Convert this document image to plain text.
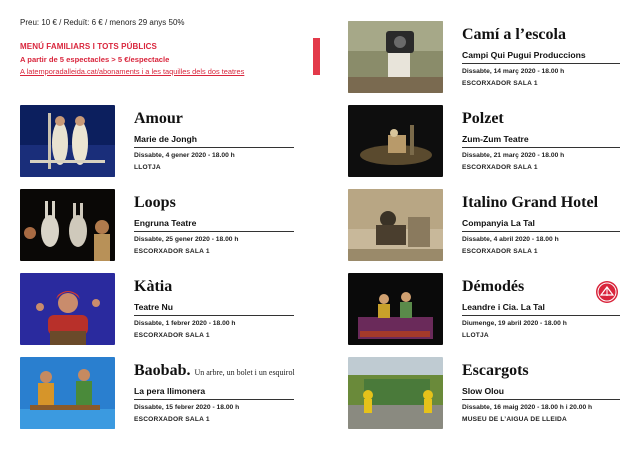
Preu: 10 € / Reduït: 6 € / menors 29 anys 50%
MENÚ FAMILIARS I TOTS PÚBLICS
A partir de 5 espectacles > 5 €/espectacle
A latemporadalleida.cat/abonaments i a les taquilles dels dos teatres
Amour
Marie de Jongh
Dissabte, 4 gener 2020 - 18.00 h
LLOTJA
Loops
Engruna Teatre
Dissabte, 25 gener 2020 - 18.00 h
ESCORXADOR SALA 1
Kàtia
Teatre Nu
Dissabte, 1 febrer 2020 - 18.00 h
ESCORXADOR SALA 1
Baobab. Un arbre, un bolet i un esquirol
La pera llimonera
Dissabte, 15 febrer 2020 - 18.00 h
ESCORXADOR SALA 1
Camí a l’escola
Campi Qui Pugui Produccions
Dissabte, 14 març 2020 - 18.00 h
ESCORXADOR SALA 1
Polzet
Zum-Zum Teatre
Dissabte, 21 març 2020 - 18.00 h
ESCORXADOR SALA 1
Italino Grand Hotel
Companyia La Tal
Dissabte, 4 abril 2020 - 18.00 h
ESCORXADOR SALA 1
Démodés
Leandre i Cia. La Tal
Diumenge, 19 abril 2020 - 18.00 h
LLOTJA
Escargots
Slow Olou
Dissabte, 16 maig 2020 - 18.00 h i 20.00 h
MUSEU DE L’AIGUA DE LLEIDA
